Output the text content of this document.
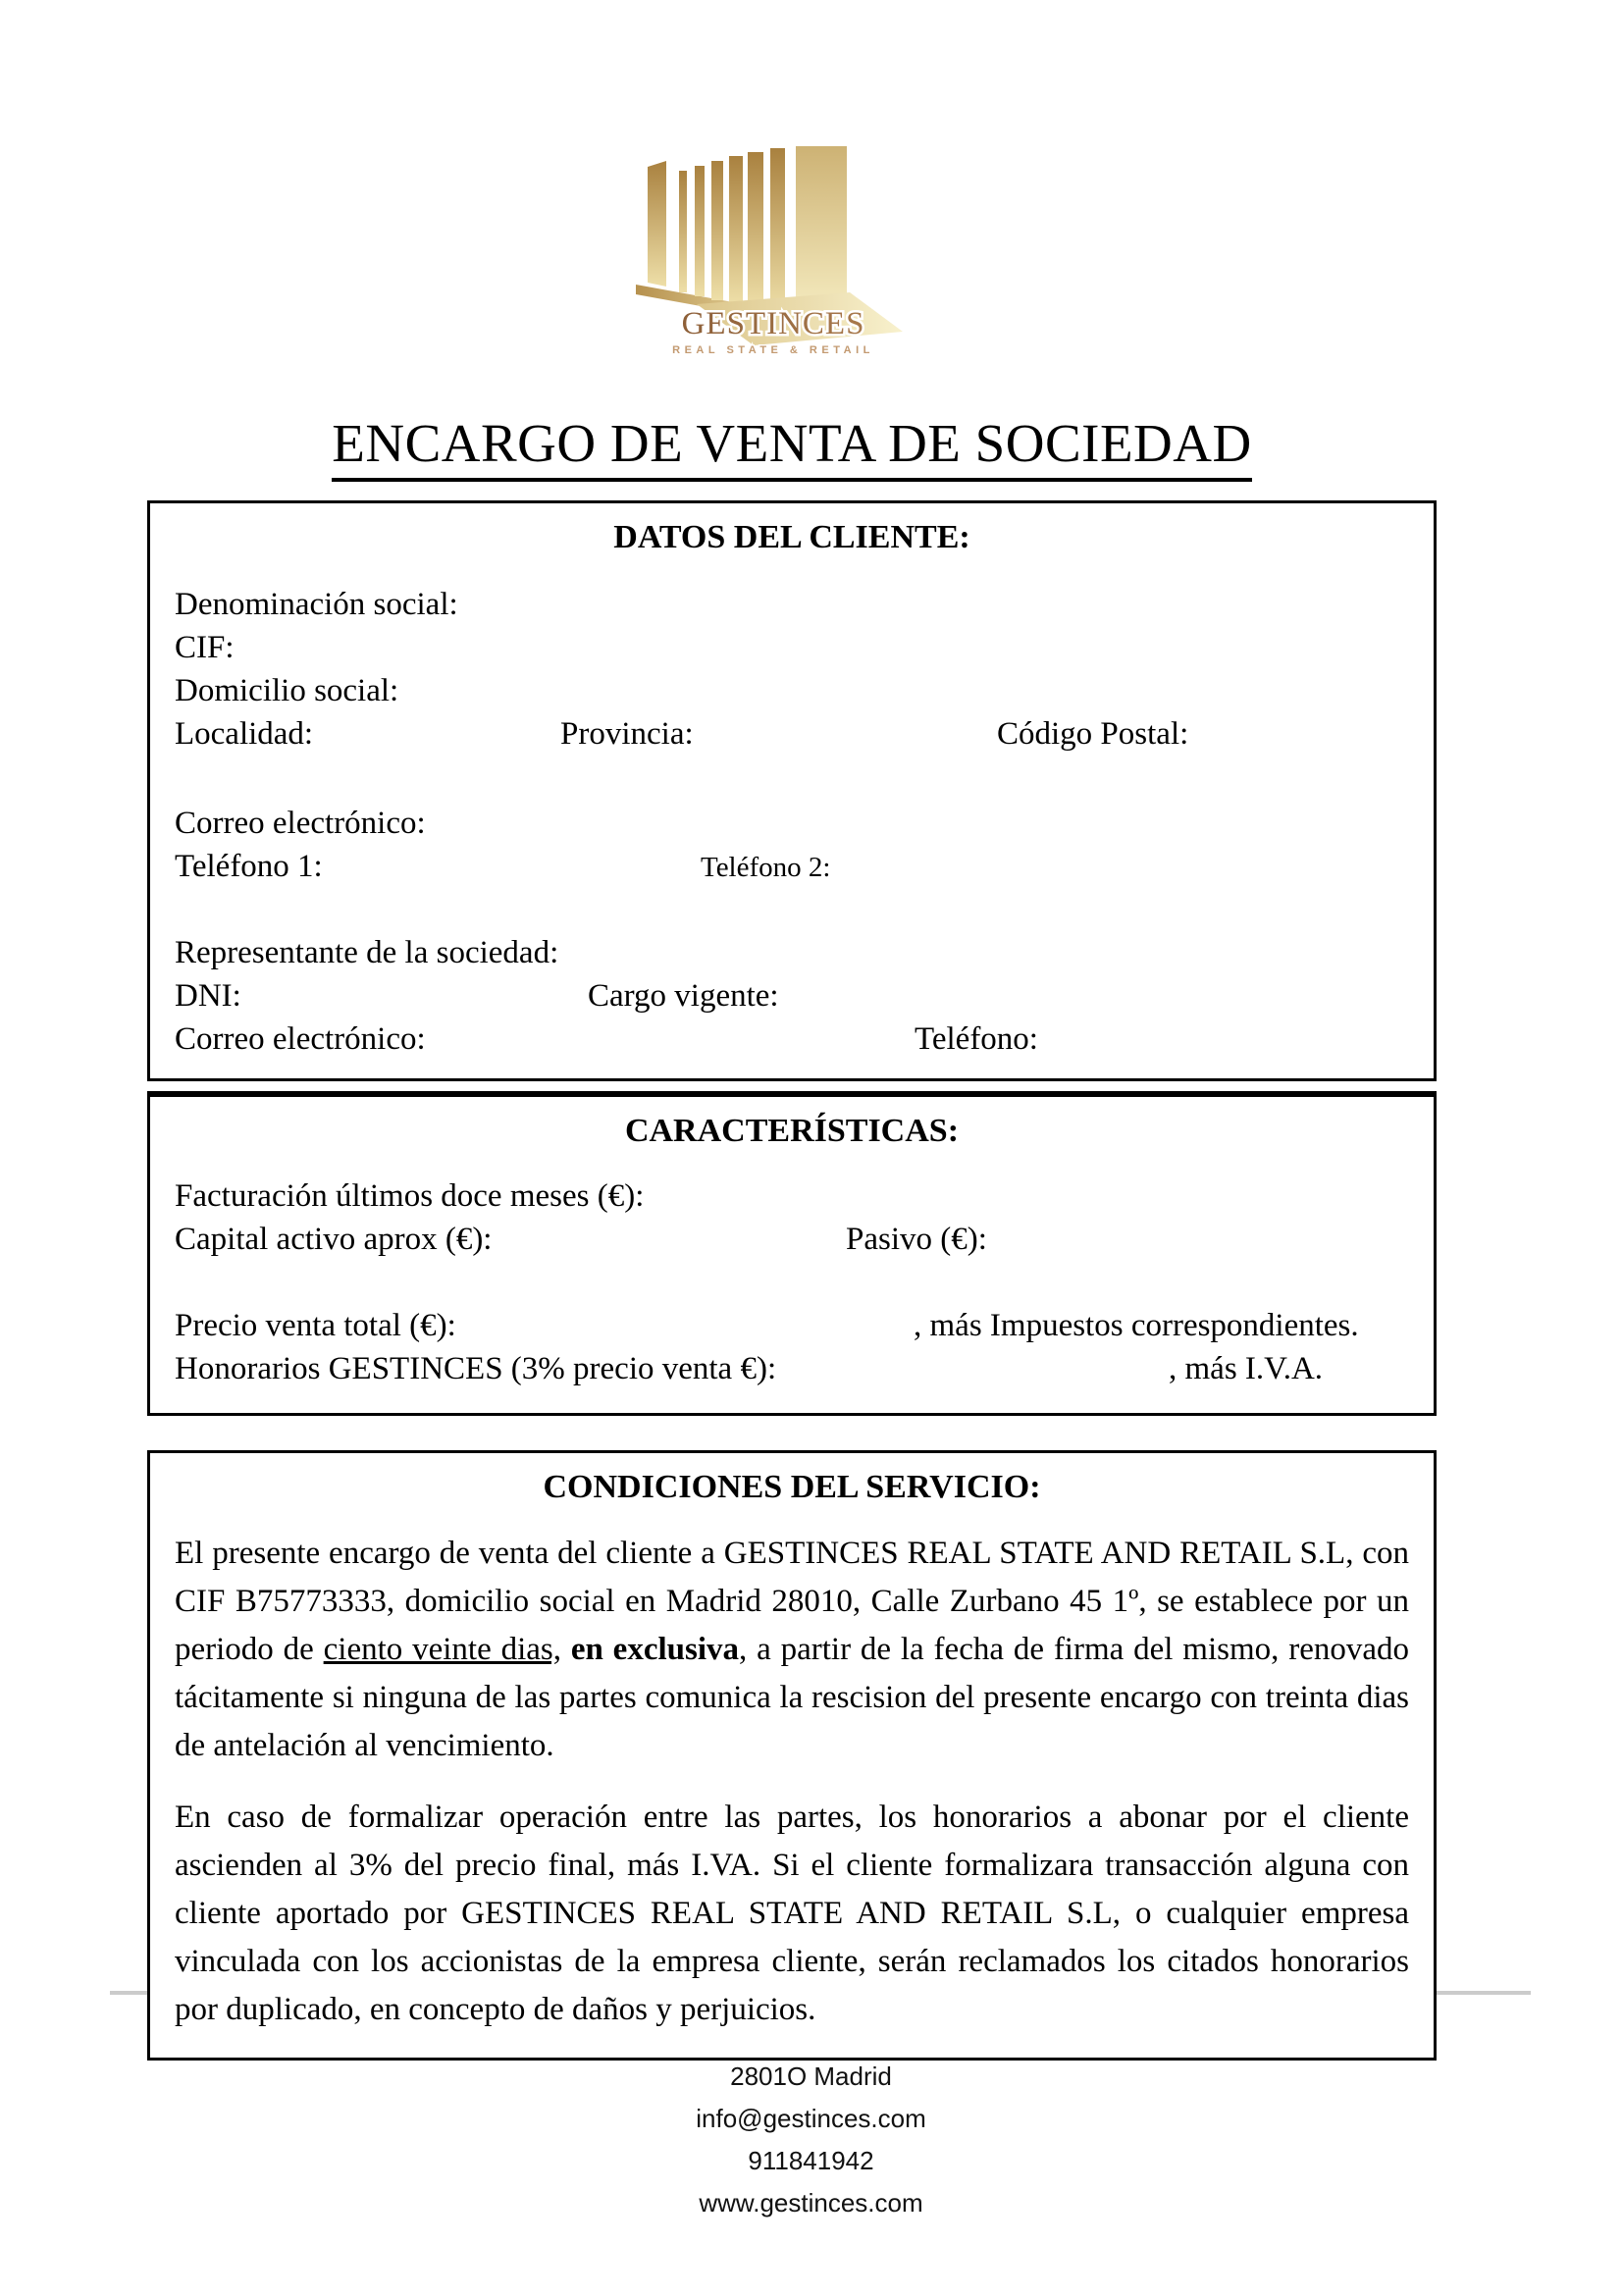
GESTINCES
REAL STATE & RETAIL
ENCARGO DE VENTA DE SOCIEDAD
DATOS DEL CLIENTE:
Denominación social:
CIF:
Domicilio social:
Localidad:	Provincia:	Código Postal:
Correo electrónico:
Teléfono 1:	Teléfono 2:
Representante de la sociedad:
DNI:	Cargo vigente:
Correo electrónico:	Teléfono:
CARACTERÍSTICAS:
Facturación últimos doce meses (€):
Capital activo aprox (€):	Pasivo (€):
Precio venta total (€):	, más Impuestos correspondientes.
Honorarios GESTINCES (3% precio venta €):	, más I.V.A.
CONDICIONES DEL SERVICIO:

El presente encargo de venta del cliente a GESTINCES REAL STATE AND RETAIL S.L, con CIF B75773333, domicilio social en Madrid 28010, Calle Zurbano 45 1º, se establece por un periodo de ciento veinte dias, en exclusiva, a partir de la fecha de firma del mismo, renovado tácitamente si ninguna de las partes comunica la rescision del presente encargo con treinta dias de antelación al vencimiento.

En caso de formalizar operación entre las partes, los honorarios a abonar por el cliente ascienden al 3% del precio final, más I.VA. Si el cliente formalizara transacción alguna con cliente aportado por GESTINCES REAL STATE AND RETAIL S.L, o cualquier empresa vinculada con los accionistas de la empresa cliente, serán reclamados los citados honorarios por duplicado, en concepto de daños y perjuicios.

2801O Madrid
info@gestinces.com
911841942
www.gestinces.com
